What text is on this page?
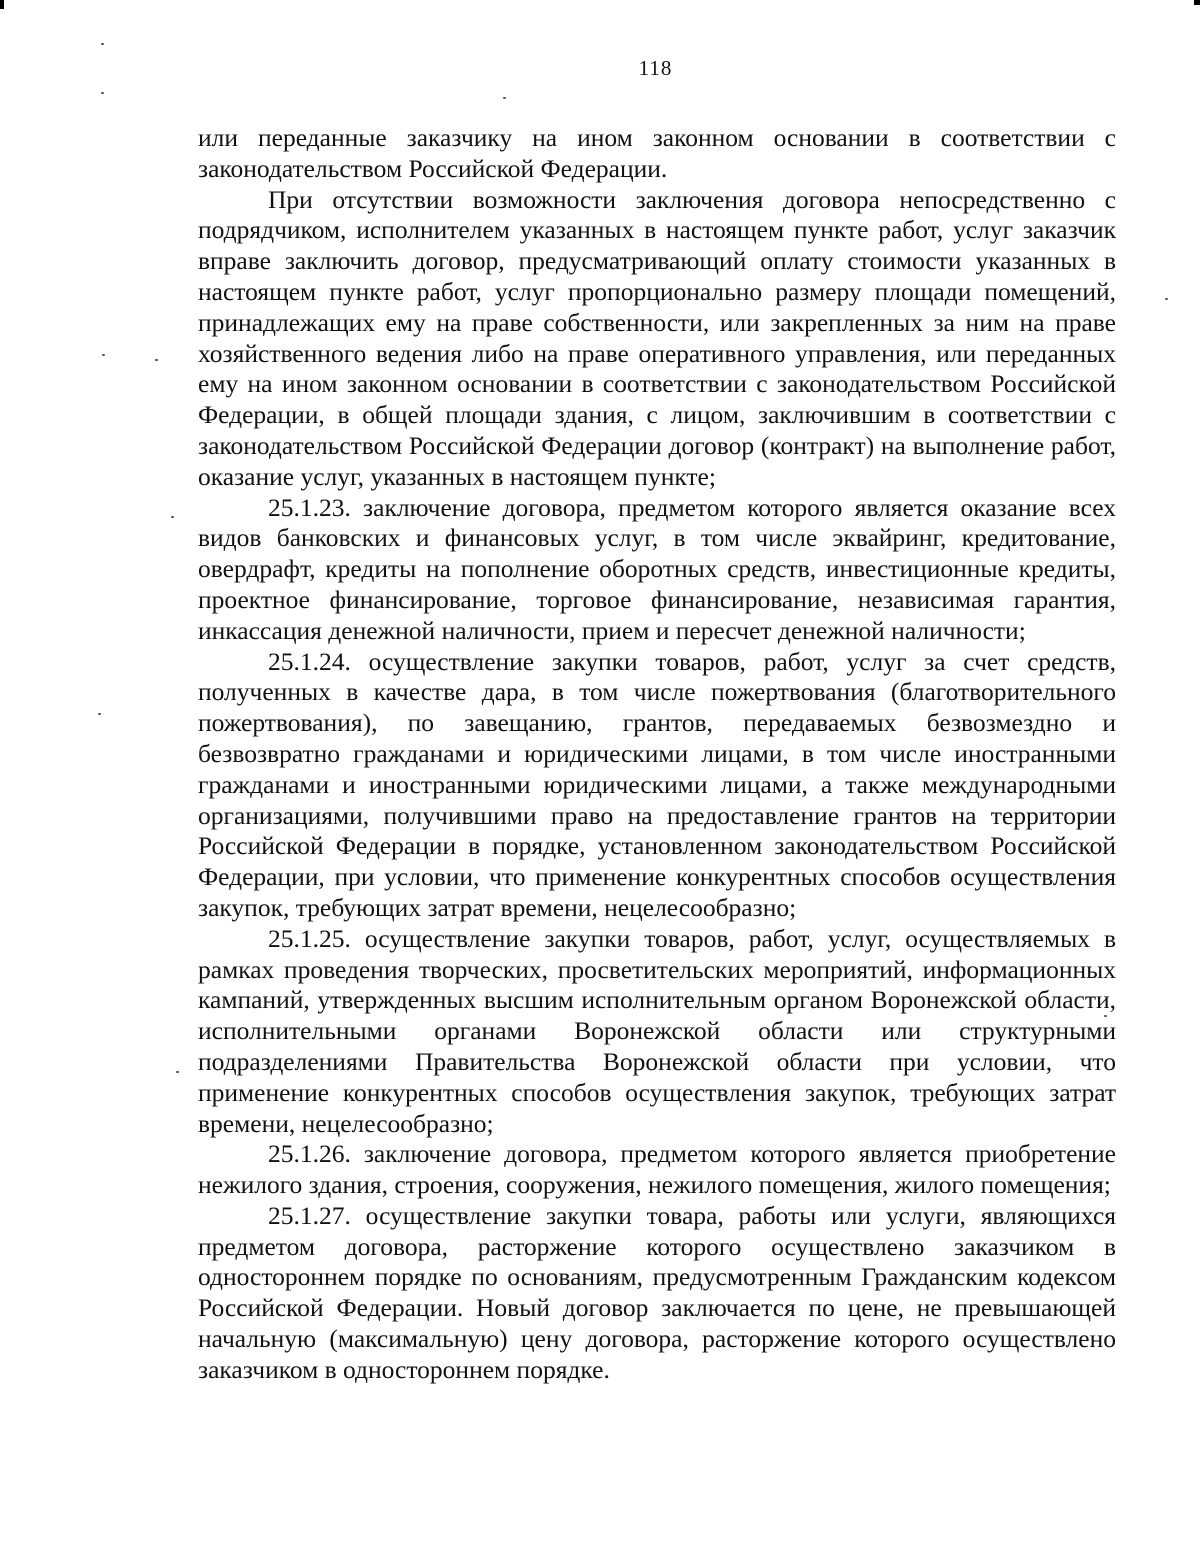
118

или переданные заказчику на ином законном основании в соответствии с законодательством Российской Федерации.

При отсутствии возможности заключения договора непосредственно с подрядчиком, исполнителем указанных в настоящем пункте работ, услуг заказчик вправе заключить договор, предусматривающий оплату стоимости указанных в настоящем пункте работ, услуг пропорционально размеру площади помещений, принадлежащих ему на праве собственности, или закрепленных за ним на праве хозяйственного ведения либо на праве оперативного управления, или переданных ему на ином законном основании в соответствии с законодательством Российской Федерации, в общей площади здания, с лицом, заключившим в соответствии с законодательством Российской Федерации договор (контракт) на выполнение работ, оказание услуг, указанных в настоящем пункте;

25.1.23. заключение договора, предметом которого является оказание всех видов банковских и финансовых услуг, в том числе эквайринг, кредитование, овердрафт, кредиты на пополнение оборотных средств, инвестиционные кредиты, проектное финансирование, торговое финансирование, независимая гарантия, инкассация денежной наличности, прием и пересчет денежной наличности;

25.1.24. осуществление закупки товаров, работ, услуг за счет средств, полученных в качестве дара, в том числе пожертвования (благотворительного пожертвования), по завещанию, грантов, передаваемых безвозмездно и безвозвратно гражданами и юридическими лицами, в том числе иностранными гражданами и иностранными юридическими лицами, а также международными организациями, получившими право на предоставление грантов на территории Российской Федерации в порядке, установленном законодательством Российской Федерации, при условии, что применение конкурентных способов осуществления закупок, требующих затрат времени, нецелесообразно;

25.1.25. осуществление закупки товаров, работ, услуг, осуществляемых в рамках проведения творческих, просветительских мероприятий, информационных кампаний, утвержденных высшим исполнительным органом Воронежской области, исполнительными органами Воронежской области или структурными подразделениями Правительства Воронежской области при условии, что применение конкурентных способов осуществления закупок, требующих затрат времени, нецелесообразно;

25.1.26. заключение договора, предметом которого является приобретение нежилого здания, строения, сооружения, нежилого помещения, жилого помещения;

25.1.27. осуществление закупки товара, работы или услуги, являющихся предметом договора, расторжение которого осуществлено заказчиком в одностороннем порядке по основаниям, предусмотренным Гражданским кодексом Российской Федерации. Новый договор заключается по цене, не превышающей начальную (максимальную) цену договора, расторжение которого осуществлено заказчиком в одностороннем порядке.
